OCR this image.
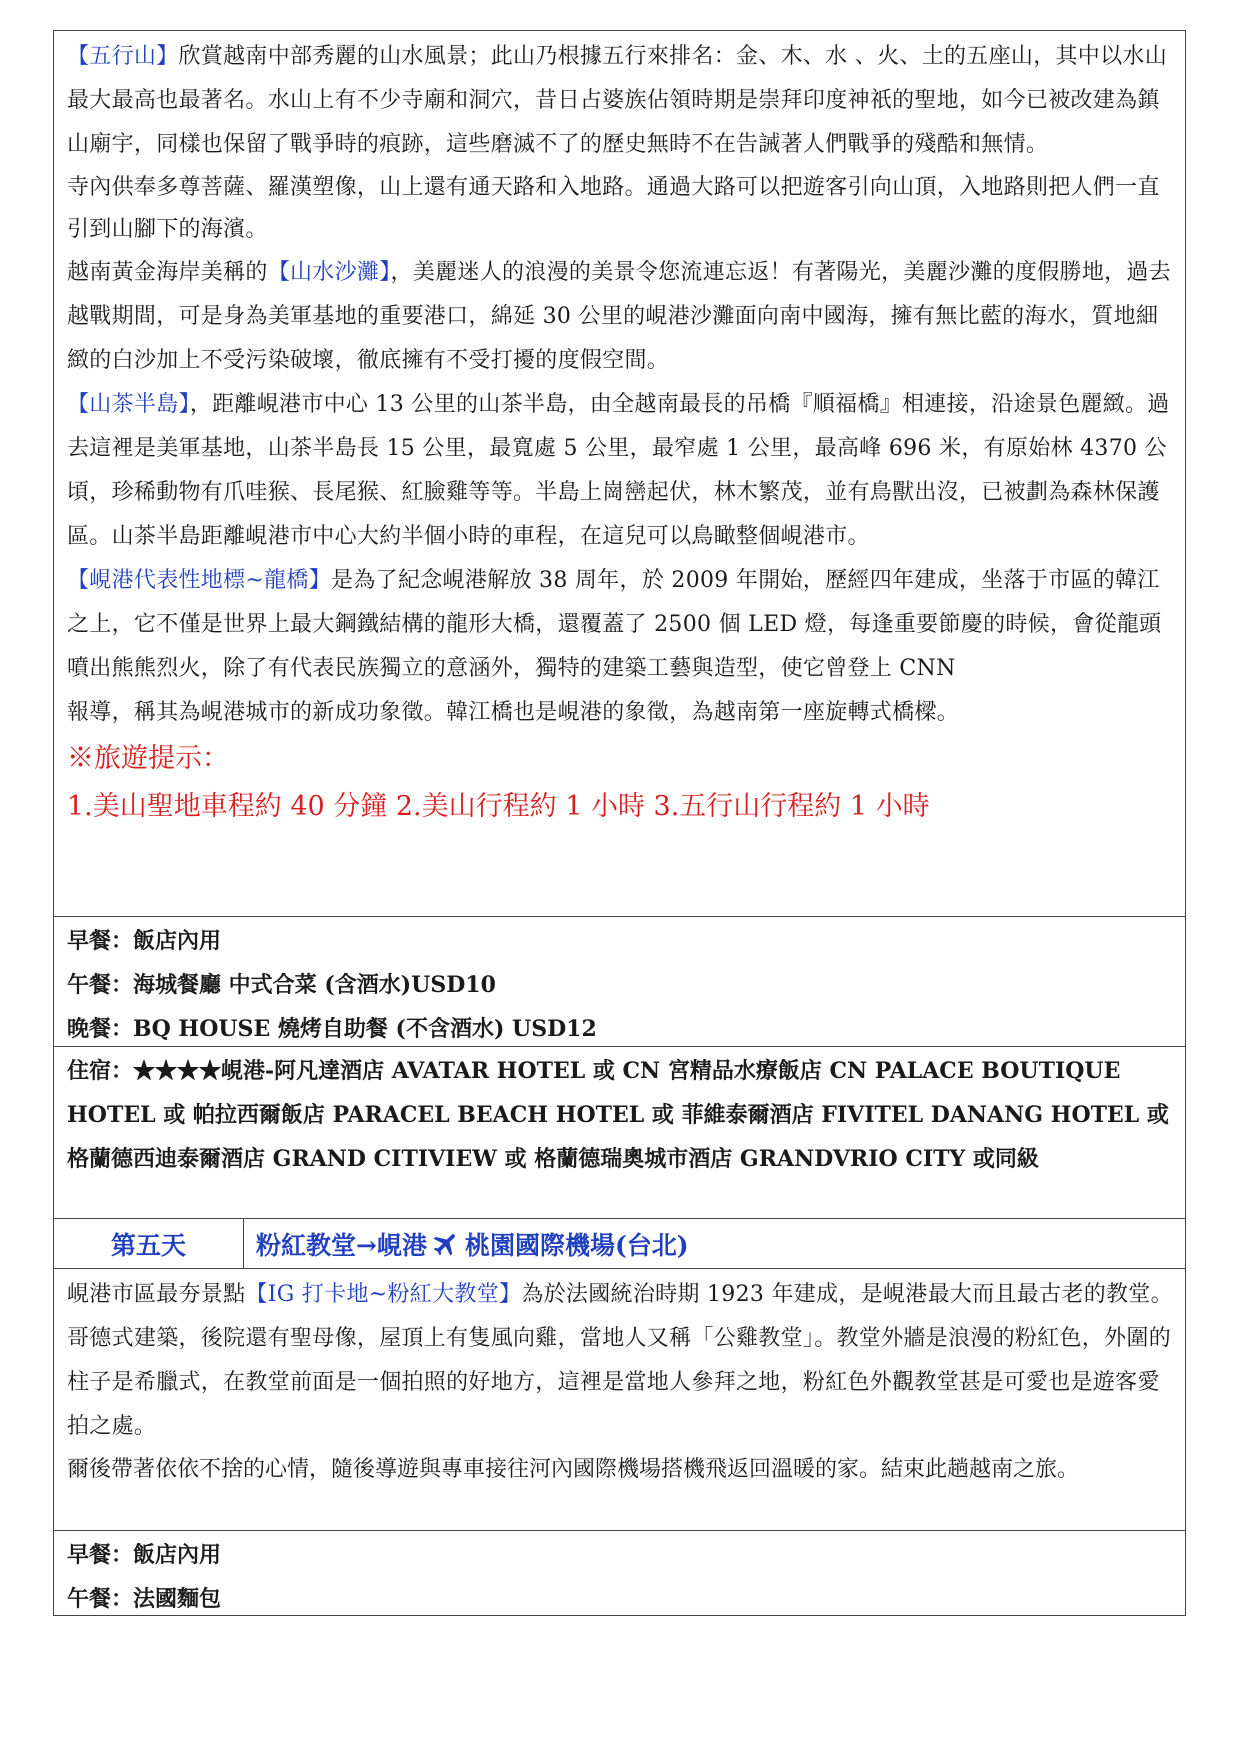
【五行山】欣賞越南中部秀麗的山水風景；此山乃根據五行來排名：金、木、水 、火、土的五座山，其中以水山最大最高也最著名。水山上有不少寺廟和洞穴，昔日占婆族佔領時期是崇拜印度神祇的聖地，如今已被改建為鎮山廟宇，同樣也保留了戰爭時的痕跡，這些磨滅不了的歷史無時不在告誡著人們戰爭的殘酷和無情。

寺內供奉多尊菩薩、羅漢塑像，山上還有通天路和入地路。通過大路可以把遊客引向山頂，入地路則把人們一直引到山腳下的海濱。

越南黃金海岸美稱的【山水沙灘】，美麗迷人的浪漫的美景令您流連忘返！有著陽光，美麗沙灘的度假勝地，過去越戰期間，可是身為美軍基地的重要港口，綿延 30 公里的峴港沙灘面向南中國海，擁有無比藍的海水，質地細緻的白沙加上不受污染破壞，徹底擁有不受打擾的度假空間。

【山茶半島】，距離峴港市中心 13 公里的山茶半島，由全越南最長的吊橋『順福橋』相連接，沿途景色麗緻。過去這裡是美軍基地，山茶半島長 15 公里，最寬處 5 公里，最窄處 1 公里，最高峰 696 米，有原始林 4370 公頃，珍稀動物有爪哇猴、長尾猴、紅臉雞等等。半島上崗巒起伏，林木繁茂，並有鳥獸出沒，已被劃為森林保護區。山茶半島距離峴港市中心大約半個小時的車程，在這兒可以鳥瞰整個峴港市。

【峴港代表性地標~龍橋】是為了紀念峴港解放 38 周年，於 2009 年開始，歷經四年建成，坐落于市區的韓江之上，它不僅是世界上最大鋼鐵結構的龍形大橋，還覆蓋了 2500 個 LED 燈，每逢重要節慶的時候，會從龍頭噴出熊熊烈火，除了有代表民族獨立的意涵外，獨特的建築工藝與造型，使它曾登上 CNN

報導，稱其為峴港城市的新成功象徵。韓江橋也是峴港的象徵，為越南第一座旋轉式橋樑。

※旅遊提示：

1.美山聖地車程約 40 分鐘 2.美山行程約 1 小時 3.五行山行程約 1 小時

早餐：飯店內用

午餐：海城餐廳 中式合菜 (含酒水)USD10

晚餐：BQ HOUSE 燒烤自助餐 (不含酒水) USD12

住宿：★★★★峴港-阿凡達酒店 AVATAR HOTEL 或 CN 宮精品水療飯店 CN PALACE BOUTIQUE HOTEL 或 帕拉西爾飯店 PARACEL BEACH HOTEL 或 菲維泰爾酒店 FIVITEL DANANG HOTEL 或格蘭德西迪泰爾酒店 GRAND CITIVIEW 或 格蘭德瑞奧城市酒店 GRANDVRIO CITY 或同級

第五天	粉紅教堂→峴港 桃園國際機場(台北)

峴港市區最夯景點【IG 打卡地~粉紅大教堂】為於法國統治時期 1923 年建成，是峴港最大而且最古老的教堂。哥德式建築，後院還有聖母像，屋頂上有隻風向雞，當地人又稱「公雞教堂」。教堂外牆是浪漫的粉紅色，外圍的柱子是希臘式，在教堂前面是一個拍照的好地方，這裡是當地人參拜之地，粉紅色外觀教堂甚是可愛也是遊客愛拍之處。

爾後帶著依依不捨的心情，隨後導遊與專車接往河內國際機場搭機飛返回溫暖的家。結束此趟越南之旅。

早餐：飯店內用

午餐：法國麵包
